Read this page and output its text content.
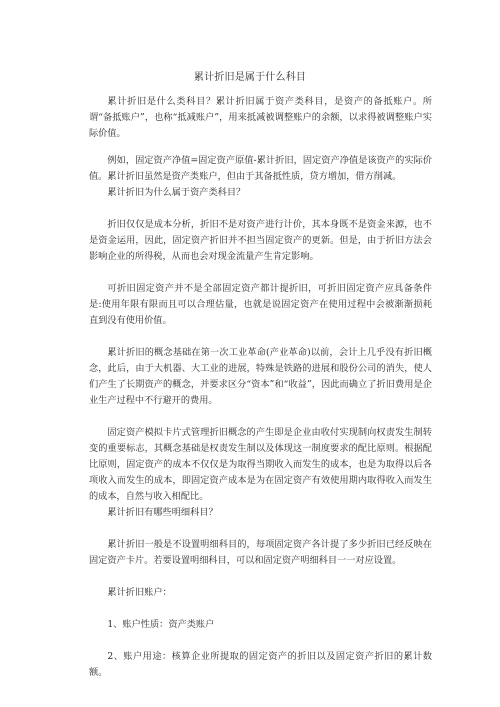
累计折旧是属于什么科目

累计折旧是什么类科目？累计折旧属于资产类科目，是资产的备抵账户。所谓“备抵账户”，也称“抵减账户”，用来抵减被调整账户的余额，以求得被调整账户实际价值。

例如，固定资产净值=固定资产原值-累计折旧，固定资产净值是该资产的实际价值。累计折旧虽然是资产类账户，但由于其备抵性质，贷方增加，借方削减。

累计折旧为什么属于资产类科目？

折旧仅仅是成本分析，折旧不是对资产进行计价，其本身既不是资金来源，也不是资金运用，因此，固定资产折旧并不担当固定资产的更新。但是，由于折旧方法会影响企业的所得税，从而也会对现金流量产生肯定影响。

可折旧固定资产并不是全部固定资产都计提折旧，可折旧固定资产应具备条件是:使用年限有限而且可以合理估量，也就是说固定资产在使用过程中会被渐渐损耗直到没有使用价值。

累计折旧的概念基础在第一次工业革命(产业革命)以前，会计上几乎没有折旧概念，此后，由于大机器、大工业的进展，特殊是铁路的进展和股份公司的消失，使人们产生了长期资产的概念，并要求区分“资本”和“收益”，因此而确立了折旧费用是企业生产过程中不行避开的费用。

固定资产模拟卡片式管理折旧概念的产生即是企业由收付实现制向权责发生制转变的重要标志，其概念基础是权责发生制以及体现这一制度要求的配比原则。根据配比原则，固定资产的成本不仅仅是为取得当期收入而发生的成本，也是为取得以后各项收入而发生的成本，即固定资产成本是为在固定资产有效使用期内取得收入而发生的成本，自然与收入相配比。

累计折旧有哪些明细科目？

累计折旧一般是不设置明细科目的，每项固定资产各计提了多少折旧已经反映在固定资产卡片。若要设置明细科目，可以和固定资产明细科目一一对应设置。

累计折旧账户：

1、账户性质：资产类账户

2、账户用途：核算企业所提取的固定资产的折旧以及固定资产折旧的累计数额。
